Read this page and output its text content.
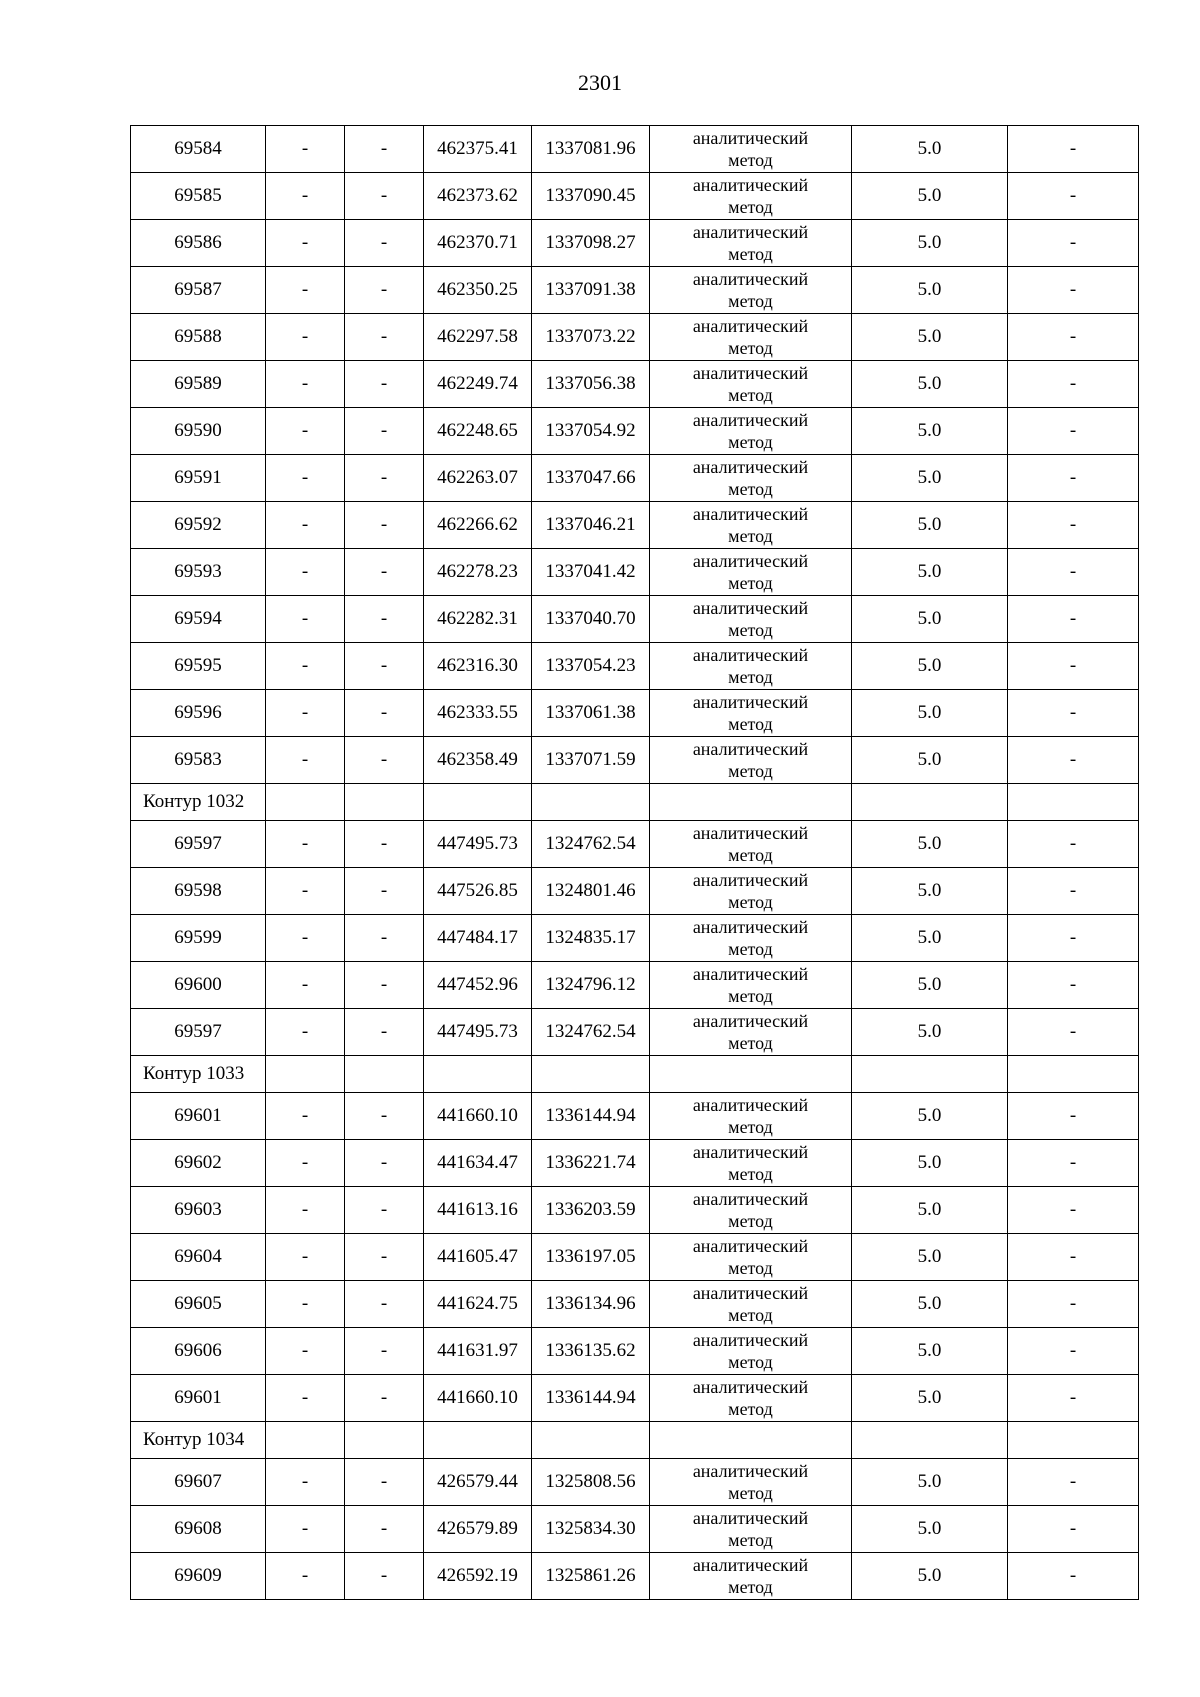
2301
69584	-	-	462375.41	1337081.96	аналитический
метод	5.0	-
69585	-	-	462373.62	1337090.45	аналитический
метод	5.0	-
69586	-	-	462370.71	1337098.27	аналитический
метод	5.0	-
69587	-	-	462350.25	1337091.38	аналитический
метод	5.0	-
69588	-	-	462297.58	1337073.22	аналитический
метод	5.0	-
69589	-	-	462249.74	1337056.38	аналитический
метод	5.0	-
69590	-	-	462248.65	1337054.92	аналитический
метод	5.0	-
69591	-	-	462263.07	1337047.66	аналитический
метод	5.0	-
69592	-	-	462266.62	1337046.21	аналитический
метод	5.0	-
69593	-	-	462278.23	1337041.42	аналитический
метод	5.0	-
69594	-	-	462282.31	1337040.70	аналитический
метод	5.0	-
69595	-	-	462316.30	1337054.23	аналитический
метод	5.0	-
69596	-	-	462333.55	1337061.38	аналитический
метод	5.0	-
69583	-	-	462358.49	1337071.59	аналитический
метод	5.0	-
Контур 1032							
69597	-	-	447495.73	1324762.54	аналитический
метод	5.0	-
69598	-	-	447526.85	1324801.46	аналитический
метод	5.0	-
69599	-	-	447484.17	1324835.17	аналитический
метод	5.0	-
69600	-	-	447452.96	1324796.12	аналитический
метод	5.0	-
69597	-	-	447495.73	1324762.54	аналитический
метод	5.0	-
Контур 1033							
69601	-	-	441660.10	1336144.94	аналитический
метод	5.0	-
69602	-	-	441634.47	1336221.74	аналитический
метод	5.0	-
69603	-	-	441613.16	1336203.59	аналитический
метод	5.0	-
69604	-	-	441605.47	1336197.05	аналитический
метод	5.0	-
69605	-	-	441624.75	1336134.96	аналитический
метод	5.0	-
69606	-	-	441631.97	1336135.62	аналитический
метод	5.0	-
69601	-	-	441660.10	1336144.94	аналитический
метод	5.0	-
Контур 1034							
69607	-	-	426579.44	1325808.56	аналитический
метод	5.0	-
69608	-	-	426579.89	1325834.30	аналитический
метод	5.0	-
69609	-	-	426592.19	1325861.26	аналитический
метод	5.0	-
